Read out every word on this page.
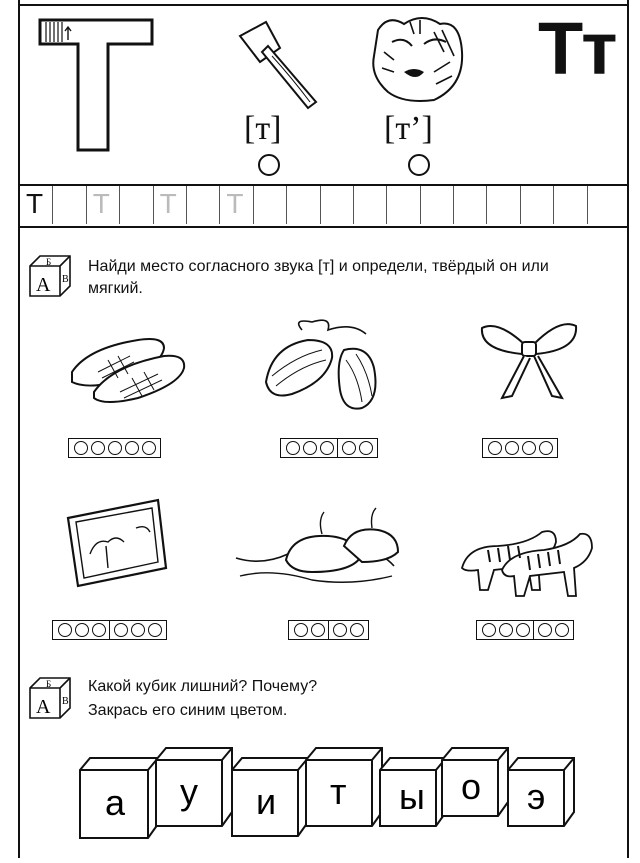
[т]	[т’]
Тт
Т Т Т Т
Б
А В
Найди место согласного звука [т] и определи, твёрдый он или мягкий.
Б
А В
Какой кубик лишний? Почему?
Закрась его синим цветом.
а у и т ы о э
